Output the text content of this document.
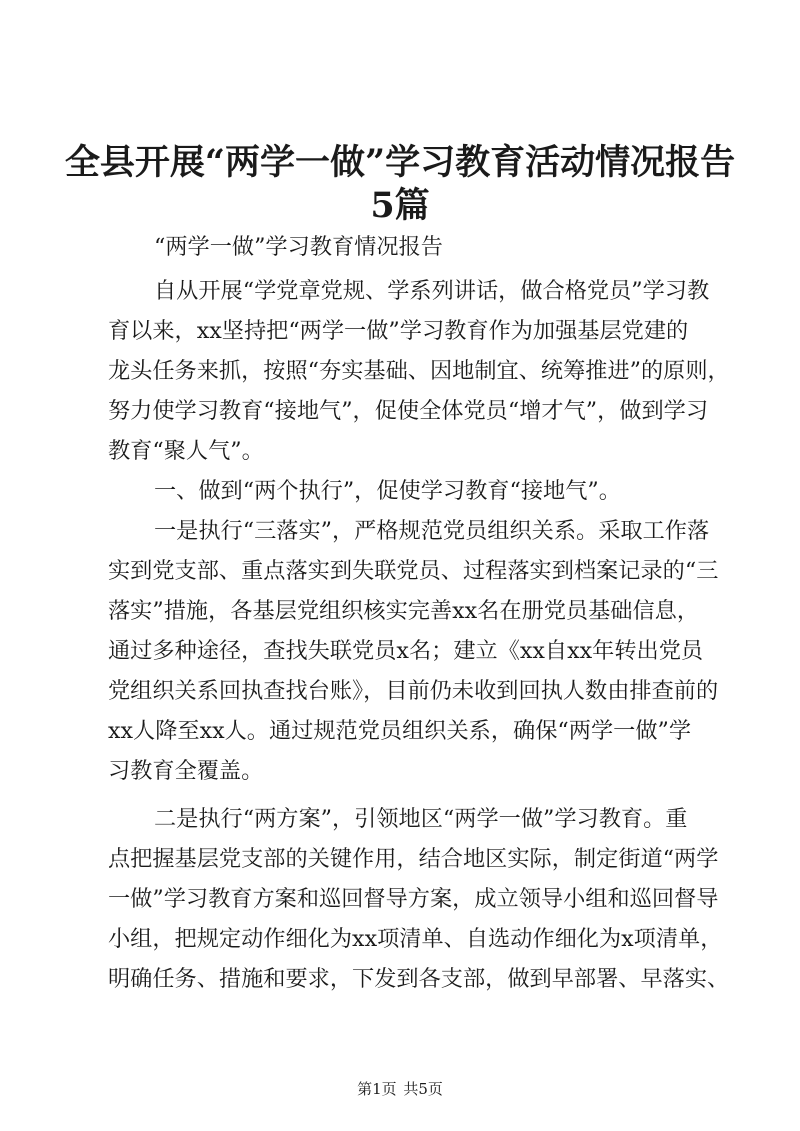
全县开展“两学一做”学习教育活动情况报告
5篇

“两学一做”学习教育情况报告

自从开展“学党章党规、学系列讲话，做合格党员”学习教

育以来，xx坚持把“两学一做”学习教育作为加强基层党建的

龙头任务来抓，按照“夯实基础、因地制宜、统筹推进”的原则，

努力使学习教育“接地气”，促使全体党员“增才气”，做到学习

教育“聚人气”。

一、做到“两个执行”，促使学习教育“接地气”。

一是执行“三落实”，严格规范党员组织关系。采取工作落

实到党支部、重点落实到失联党员、过程落实到档案记录的“三

落实”措施，各基层党组织核实完善xx名在册党员基础信息，

通过多种途径，查找失联党员x名；建立《xx自xx年转出党员

党组织关系回执查找台账》，目前仍未收到回执人数由排查前的

xx人降至xx人。通过规范党员组织关系，确保“两学一做”学

习教育全覆盖。

二是执行“两方案”，引领地区“两学一做”学习教育。重

点把握基层党支部的关键作用，结合地区实际，制定街道“两学

一做”学习教育方案和巡回督导方案，成立领导小组和巡回督导

小组，把规定动作细化为xx项清单、自选动作细化为x项清单，

明确任务、措施和要求，下发到各支部，做到早部署、早落实、

第1页 共5页
